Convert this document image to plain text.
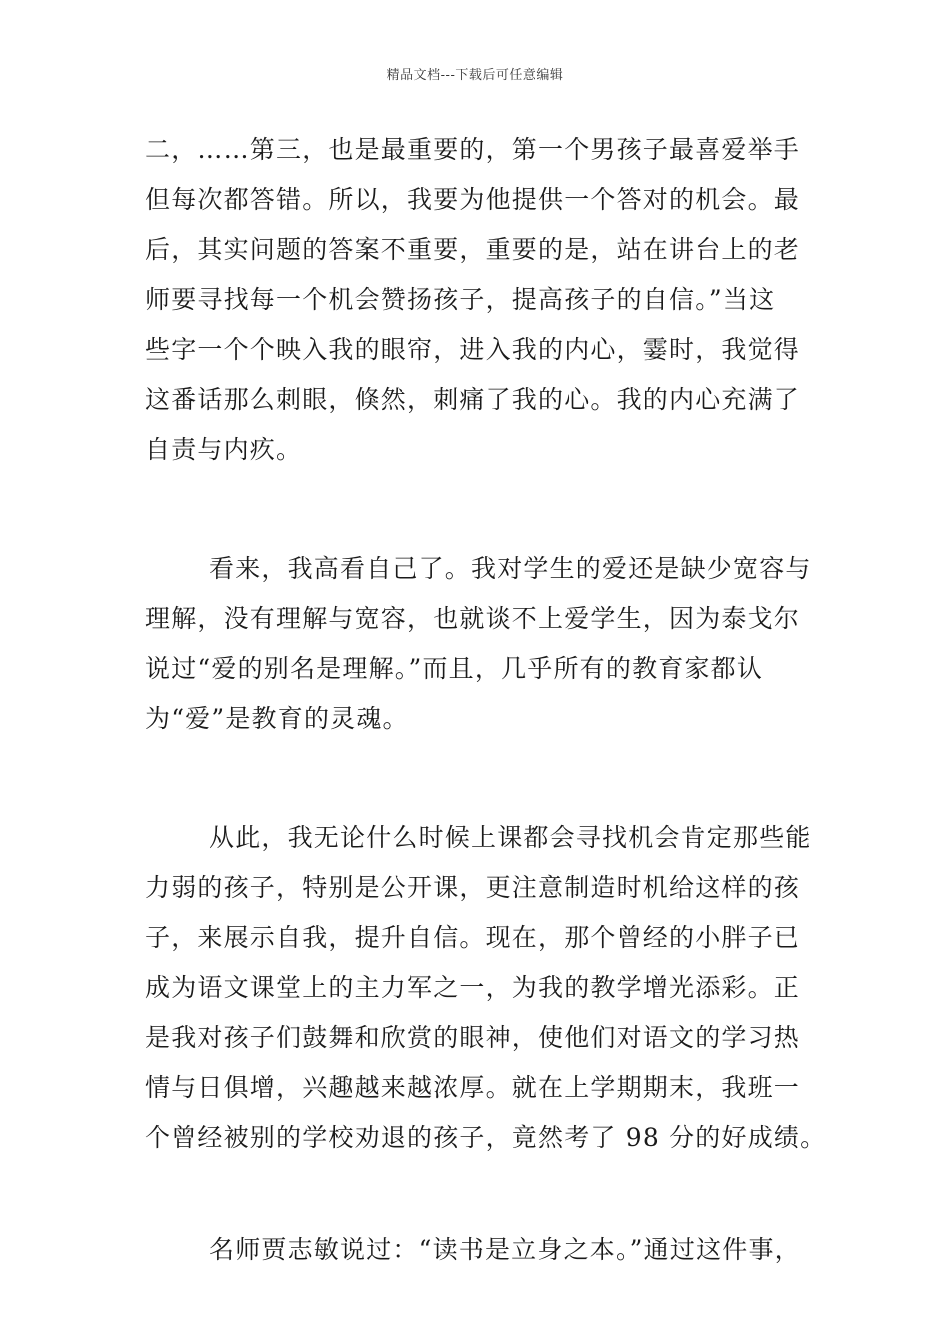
精品文档---下载后可任意编辑
二，……第三，也是最重要的，第一个男孩子最喜爱举手
但每次都答错。所以，我要为他提供一个答对的机会。最
后，其实问题的答案不重要，重要的是，站在讲台上的老
师要寻找每一个机会赞扬孩子，提高孩子的自信。”当这
些字一个个映入我的眼帘，进入我的内心，霎时，我觉得
这番话那么刺眼，倏然，刺痛了我的心。我的内心充满了
自责与内疚。
看来，我高看自己了。我对学生的爱还是缺少宽容与
理解，没有理解与宽容，也就谈不上爱学生，因为泰戈尔
说过“爱的别名是理解。”而且，几乎所有的教育家都认
为“爱”是教育的灵魂。
从此，我无论什么时候上课都会寻找机会肯定那些能
力弱的孩子，特别是公开课，更注意制造时机给这样的孩
子，来展示自我，提升自信。现在，那个曾经的小胖子已
成为语文课堂上的主力军之一，为我的教学增光添彩。正
是我对孩子们鼓舞和欣赏的眼神，使他们对语文的学习热
情与日俱增，兴趣越来越浓厚。就在上学期期末，我班一
个曾经被别的学校劝退的孩子，竟然考了 98 分的好成绩。
名师贾志敏说过：“读书是立身之本。”通过这件事，
